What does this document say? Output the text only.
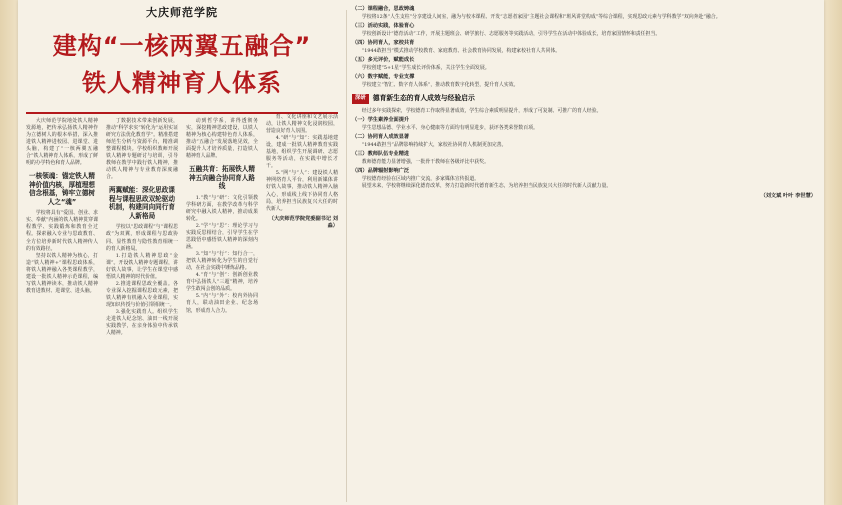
大庆师范学院
建构“一核两翼五融合”
铁人精神育人体系

大庆师范学院地处铁人精神发源地，把传承弘扬铁人精神作为立德树人的根本举措，深入推进铁人精神进校园、进课堂、进头脑，构建了“一核两翼五融合”铁人精神育人体系，形成了鲜明的办学特色和育人品牌。

一核领魂：锚定铁人精神价值内核，厚植理想信念根基，铸牢立德树人之“魂”

学校将具有“爱国、创业、求实、奉献”内涵的铁人精神贯穿课程教学、实践锻炼和教育全过程。探索融入专业与思政教育、全方位培养新时代铁人精神传人的有效路径。

坚持以铁人精神为核心，打造“铁人精神+”课程思政体系，将铁人精神融入各类课程教学，建设一批铁人精神示范课程，编写铁人精神读本，推动铁人精神教育进教材、进课堂、进头脑。

丁数据技术带来创新发展，推动“科学求实”转化为“运用实证研究方法优化教育学”。精准搭建师范生分析与资源平台，精准调整课程模块。学校组织教师开展铁人精神专题研讨与培训，引导教师在教学中践行铁人精神，推动铁人精神与专业教育深度融合。

两翼赋能：深化思政课程与课程思政双轮驱动机制，构建同向同行育人新格局

学校以“思政课程”与“课程思政”为双翼，形成课程与思政协同、显性教育与隐性教育相统一的育人新格局。

1.打造铁人精神思政“金课”。开设铁人精神专题课程，讲好铁人故事，让学生在课堂中感悟铁人精神的时代价值。

2.推进课程思政全覆盖。各专业深入挖掘课程思政元素，把铁人精神有机融入专业课程，实现知识传授与价值引领相统一。

3.强化实践育人。组织学生走进铁人纪念馆、油田一线开展实践教学，在亲身体验中传承铁人精神。

动到哲学系，讲得透彻务实，深挖精神思政建设，以铁人精神为核心构建特色育人体系，推动“五融合”发展落地见效，全面提升人才培养质量，打造铁人精神育人品牌。

五融共育：拓展铁人精神五向融合协同育人路线

1.“教”与“研”：文化引领教学科研方面，在教学改革与科学研究中融入铁人精神，推动成果转化。

2.“学”与“思”：理论学习与实践反思相结合，引导学生在学思践悟中感悟铁人精神的深刻内涵。

3.“知”与“行”：知行合一，把铁人精神转化为学生的自觉行动，在社会实践中锤炼品格。

4.“育”与“创”：创新创业教育中弘扬铁人“三超”精神，培养学生敢闯会创的品质。

5.“内”与“外”：校内外协同育人，联动油田企业、纪念场馆，形成育人合力。

育、文化讲座和文艺展示活动，让铁人精神文化浸润校园，营造良好育人氛围。

4.“研”与“知”：实践基地建设，建成一批铁人精神教育实践基地，组织学生开展调研、志愿服务等活动，在实践中增长才干。

5.“网”与“人”：建设铁人精神网络育人平台，利用新媒体讲好铁人故事，推动铁人精神入脑入心，形成线上线下协同育人格局，培养担当民族复兴大任的时代新人。

（大庆师范学院党委副书记 刘淼）
（二）课程融合，思政铸魂

学校将12条“人生支柱”分享建设人间室，融为与校本课程、开发“志愿者家园”主题社会课程和“班风讲堂构成”等综合课程，实现思政元素与学科教学“双向奔赴”融合。

（三）活动实践，体验育心

学校创新设计“德育活动”工作，开展主题班会、研学旅行、志愿服务等实践活动，引导学生在活动中体验成长，培育家国情怀和责任担当。

（四）协同育人，家校共育

“1944敢担当”模式推动学校教育、家庭教育、社会教育协同发展，构建家校社育人共同体。

（五）多元评价，赋能成长

学校创建“5+1星”学生成长评价体系，关注学生全面发展。

（六）数字赋能，专业支撑

学校建立“智汇、数字育人体系”，推动教育数字化转型，提升育人实效。

深研	德育新生态的育人成效与经验启示

经过多年实践探索，学校德育工作取得显著成效，学生综合素质明显提升，形成了可复制、可推广的育人经验。

（一）学生素养全面提升

学生思想品德、学业水平、身心健康等方面均有明显进步，获评各类荣誉数百项。

（二）协同育人成效显著

“1944敢担当”品牌影响持续扩大，家校社协同育人机制更加完善。

（三）教师队伍专业精进

教师德育能力显著增强，一批骨干教师在各级评比中获奖。

（四）品牌辐射影响广泛

学校德育经验在区域内推广交流，多家媒体宣传报道。

展望未来，学校将继续深化德育改革，努力打造新时代德育新生态，为培养担当民族复兴大任的时代新人贡献力量。

（刘文斌 叶叶 李世慧）
